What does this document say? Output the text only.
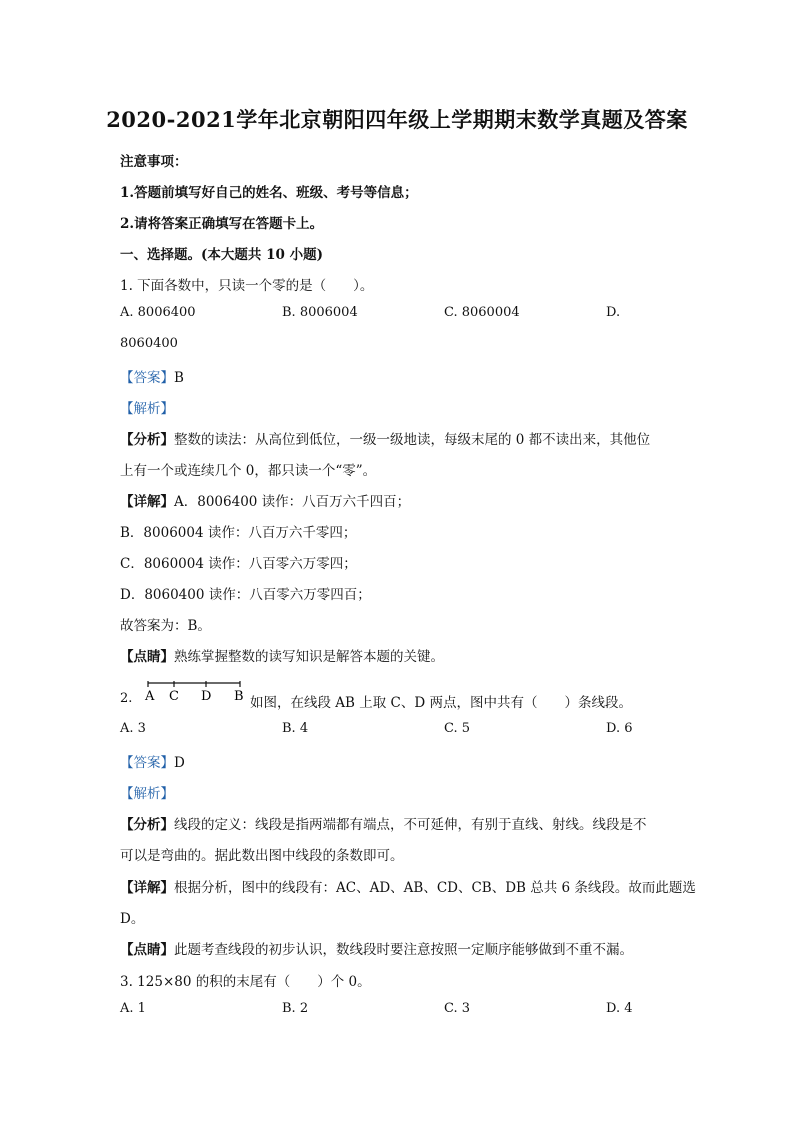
2020-2021学年北京朝阳四年级上学期期末数学真题及答案
注意事项：
1.答题前填写好自己的姓名、班级、考号等信息；
2.请将答案正确填写在答题卡上。
一、选择题。(本大题共 10 小题)
1. 下面各数中，只读一个零的是（　　）。
A. 8006400	B. 8006004	C. 8060004	D.
8060400
【答案】B
【解析】
【分析】整数的读法：从高位到低位，一级一级地读，每级末尾的 0 都不读出来，其他位
上有一个或连续几个 0，都只读一个“零”。
【详解】A．8006400 读作：八百万六千四百；
B．8006004 读作：八百万六千零四；
C．8060004 读作：八百零六万零四；
D．8060400 读作：八百零六万零四百；
故答案为：B。
【点睛】熟练掌握整数的读写知识是解答本题的关键。
2. A C D B 如图，在线段 AB 上取 C、D 两点，图中共有（　　）条线段。
A. 3	B. 4	C. 5	D. 6
【答案】D
【解析】
【分析】线段的定义：线段是指两端都有端点，不可延伸，有别于直线、射线。线段是不
可以是弯曲的。据此数出图中线段的条数即可。
【详解】根据分析，图中的线段有：AC、AD、AB、CD、CB、DB 总共 6 条线段。故而此题选
D。
【点睛】此题考查线段的初步认识，数线段时要注意按照一定顺序能够做到不重不漏。
3. 125×80 的积的末尾有（　　）个 0。
A. 1	B. 2	C. 3	D. 4
